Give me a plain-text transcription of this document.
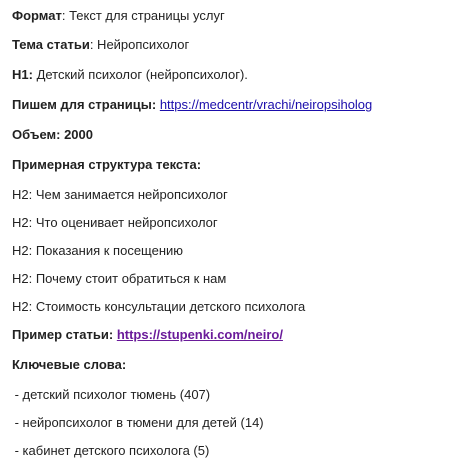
Формат: Текст для страницы услуг
Тема статьи: Нейропсихолог
H1: Детский психолог (нейропсихолог).
Пишем для страницы: https://medcentr/vrachi/neiropsiholog
Объем: 2000
Примерная структура текста:
H2: Чем занимается нейропсихолог
H2: Что оценивает нейропсихолог
H2: Показания к посещению
H2: Почему стоит обратиться к нам
H2: Стоимость консультации детского психолога
Пример статьи: https://stupenki.com/neiro/
Ключевые слова:
- детский психолог тюмень (407)
- нейропсихолог в тюмени для детей (14)
- кабинет детского психолога (5)
